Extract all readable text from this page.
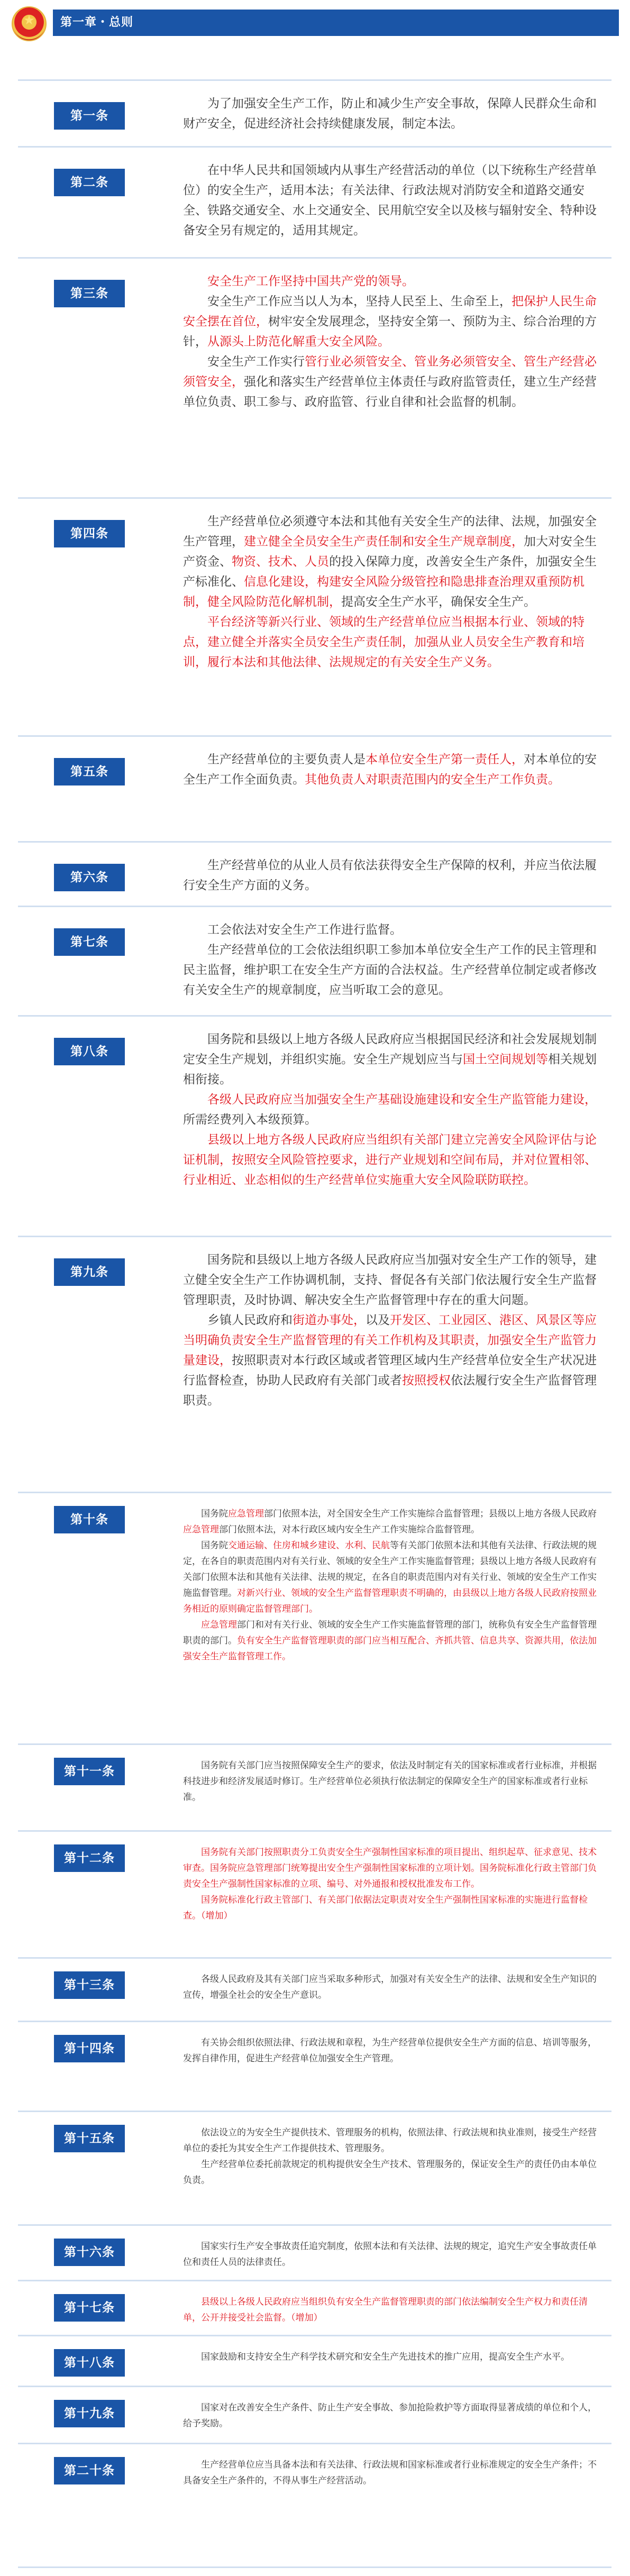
★	第一章・总则
第一条

为了加强安全生产工作，防止和减少生产安全事故，保障人民群众生命和财产安全，促进经济社会持续健康发展，制定本法。

第二条

在中华人民共和国领域内从事生产经营活动的单位（以下统称生产经营单位）的安全生产，适用本法；有关法律、行政法规对消防安全和道路交通安全、铁路交通安全、水上交通安全、民用航空安全以及核与辐射安全、特种设备安全另有规定的，适用其规定。

第三条

安全生产工作坚持中国共产党的领导。

安全生产工作应当以人为本，坚持人民至上、生命至上，把保护人民生命安全摆在首位，树牢安全发展理念，坚持安全第一、预防为主、综合治理的方针，从源头上防范化解重大安全风险。

安全生产工作实行管行业必须管安全、管业务必须管安全、管生产经营必须管安全，强化和落实生产经营单位主体责任与政府监管责任，建立生产经营单位负责、职工参与、政府监管、行业自律和社会监督的机制。

第四条

生产经营单位必须遵守本法和其他有关安全生产的法律、法规，加强安全生产管理，建立健全全员安全生产责任制和安全生产规章制度，加大对安全生产资金、物资、技术、人员的投入保障力度，改善安全生产条件，加强安全生产标准化、信息化建设，构建安全风险分级管控和隐患排查治理双重预防机制，健全风险防范化解机制，提高安全生产水平，确保安全生产。

平台经济等新兴行业、领域的生产经营单位应当根据本行业、领域的特点，建立健全并落实全员安全生产责任制，加强从业人员安全生产教育和培训，履行本法和其他法律、法规规定的有关安全生产义务。

第五条

生产经营单位的主要负责人是本单位安全生产第一责任人，对本单位的安全生产工作全面负责。其他负责人对职责范围内的安全生产工作负责。

第六条

生产经营单位的从业人员有依法获得安全生产保障的权利，并应当依法履行安全生产方面的义务。

第七条

工会依法对安全生产工作进行监督。

生产经营单位的工会依法组织职工参加本单位安全生产工作的民主管理和民主监督，维护职工在安全生产方面的合法权益。生产经营单位制定或者修改有关安全生产的规章制度，应当听取工会的意见。

第八条

国务院和县级以上地方各级人民政府应当根据国民经济和社会发展规划制定安全生产规划，并组织实施。安全生产规划应当与国土空间规划等相关规划相衔接。

各级人民政府应当加强安全生产基础设施建设和安全生产监管能力建设，所需经费列入本级预算。

县级以上地方各级人民政府应当组织有关部门建立完善安全风险评估与论证机制，按照安全风险管控要求，进行产业规划和空间布局，并对位置相邻、行业相近、业态相似的生产经营单位实施重大安全风险联防联控。

第九条

国务院和县级以上地方各级人民政府应当加强对安全生产工作的领导，建立健全安全生产工作协调机制，支持、督促各有关部门依法履行安全生产监督管理职责，及时协调、解决安全生产监督管理中存在的重大问题。

乡镇人民政府和街道办事处，以及开发区、工业园区、港区、风景区等应当明确负责安全生产监督管理的有关工作机构及其职责，加强安全生产监管力量建设，按照职责对本行政区域或者管理区域内生产经营单位安全生产状况进行监督检查，协助人民政府有关部门或者按照授权依法履行安全生产监督管理职责。

第十条	国务院应急管理部门依照本法，对全国安全生产工作实施综合监督管理；县级以上地方各级人民政府应急管理部门依照本法，对本行政区域内安全生产工作实施综合监督管理。

国务院交通运输、住房和城乡建设、水利、民航等有关部门依照本法和其他有关法律、行政法规的规定，在各自的职责范围内对有关行业、领域的安全生产工作实施监督管理；县级以上地方各级人民政府有关部门依照本法和其他有关法律、法规的规定，在各自的职责范围内对有关行业、领域的安全生产工作实施监督管理。对新兴行业、领域的安全生产监督管理职责不明确的，由县级以上地方各级人民政府按照业务相近的原则确定监督管理部门。

应急管理部门和对有关行业、领域的安全生产工作实施监督管理的部门，统称负有安全生产监督管理职责的部门。负有安全生产监督管理职责的部门应当相互配合、齐抓共管、信息共享、资源共用，依法加强安全生产监督管理工作。

第十一条	国务院有关部门应当按照保障安全生产的要求，依法及时制定有关的国家标准或者行业标准，并根据科技进步和经济发展适时修订。生产经营单位必须执行依法制定的保障安全生产的国家标准或者行业标准。

第十二条	国务院有关部门按照职责分工负责安全生产强制性国家标准的项目提出、组织起草、征求意见、技术审查。国务院应急管理部门统筹提出安全生产强制性国家标准的立项计划。国务院标准化行政主管部门负责安全生产强制性国家标准的立项、编号、对外通报和授权批准发布工作。

国务院标准化行政主管部门、有关部门依据法定职责对安全生产强制性国家标准的实施进行监督检查。（增加）

第十三条	各级人民政府及其有关部门应当采取多种形式，加强对有关安全生产的法律、法规和安全生产知识的宣传，增强全社会的安全生产意识。

第十四条	有关协会组织依照法律、行政法规和章程，为生产经营单位提供安全生产方面的信息、培训等服务，发挥自律作用，促进生产经营单位加强安全生产管理。

第十五条	依法设立的为安全生产提供技术、管理服务的机构，依照法律、行政法规和执业准则，接受生产经营单位的委托为其安全生产工作提供技术、管理服务。

生产经营单位委托前款规定的机构提供安全生产技术、管理服务的，保证安全生产的责任仍由本单位负责。

第十六条	国家实行生产安全事故责任追究制度，依照本法和有关法律、法规的规定，追究生产安全事故责任单位和责任人员的法律责任。

第十七条	县级以上各级人民政府应当组织负有安全生产监督管理职责的部门依法编制安全生产权力和责任清单，公开并接受社会监督。（增加）

第十八条	国家鼓励和支持安全生产科学技术研究和安全生产先进技术的推广应用，提高安全生产水平。

第十九条	国家对在改善安全生产条件、防止生产安全事故、参加抢险救护等方面取得显著成绩的单位和个人，给予奖励。

第二十条	生产经营单位应当具备本法和有关法律、行政法规和国家标准或者行业标准规定的安全生产条件；不具备安全生产条件的，不得从事生产经营活动。
